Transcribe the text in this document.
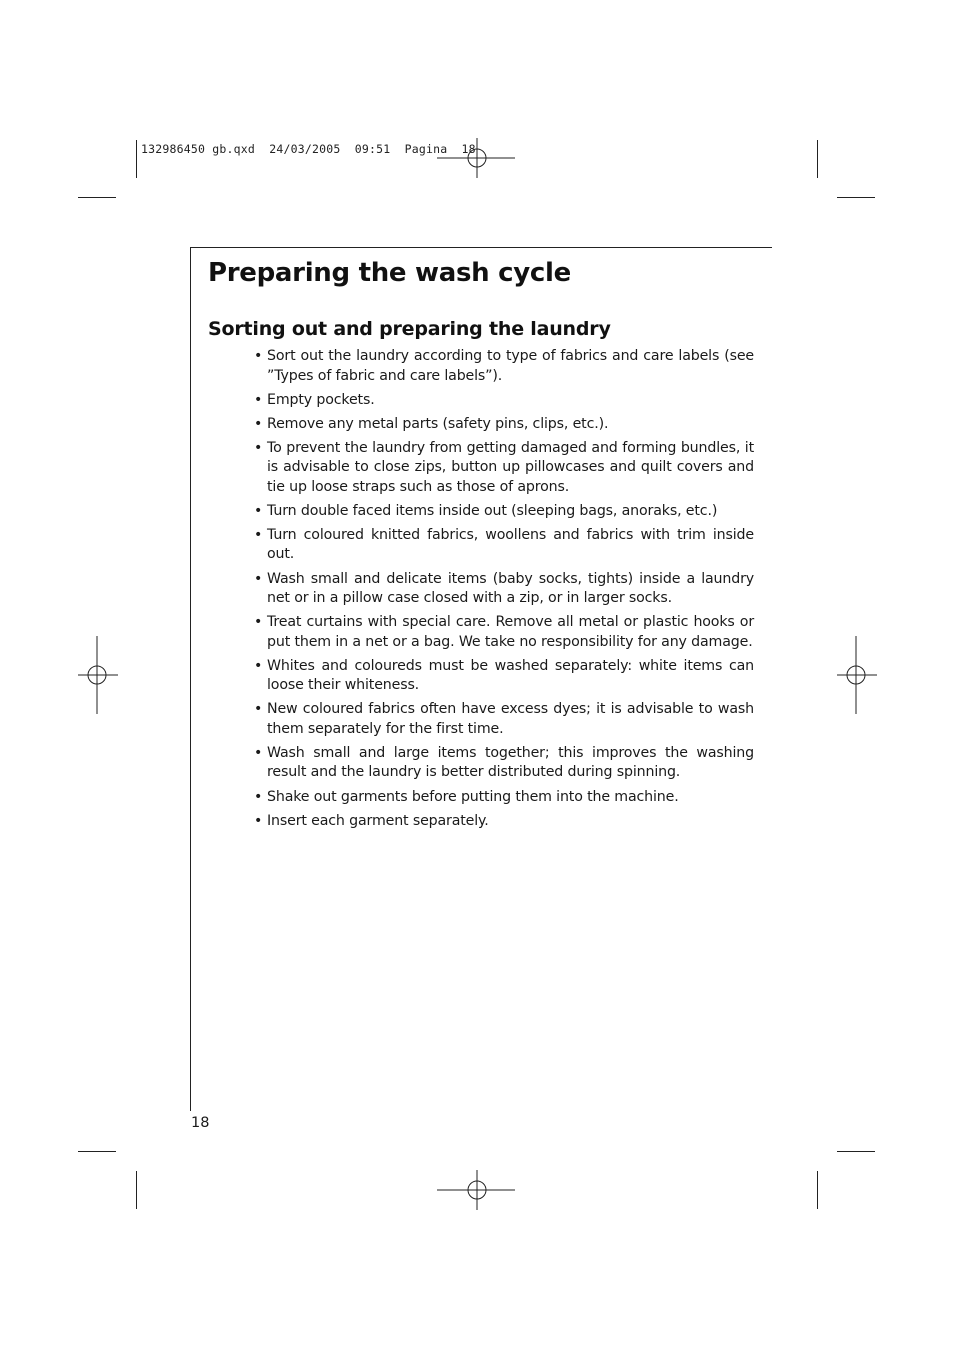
132986450 gb.qxd  24/03/2005  09:51  Pagina  18
Preparing the wash cycle
Sorting out and preparing the laundry
• Sort out the laundry according to type of fabrics and care labels (see ”Types of fabric and care labels”).
• Empty pockets.
• Remove any metal parts (safety pins, clips, etc.).
• To prevent the laundry from getting damaged and forming bundles, it is advisable to close zips, button up pillowcases and quilt covers and tie up loose straps such as those of aprons.
• Turn double faced items inside out (sleeping bags, anoraks, etc.)
• Turn coloured knitted fabrics, woollens and fabrics with trim inside out.
• Wash small and delicate items (baby socks, tights) inside a laundry net or in a pillow case closed with a zip, or in larger socks.
• Treat curtains with special care. Remove all metal or plastic hooks or put them in a net or a bag. We take no responsibility for any damage.
• Whites and coloureds must be washed separately: white items can loose their whiteness.
• New coloured fabrics often have excess dyes; it is advisable to wash them separately for the first time.
• Wash small and large items together; this improves the washing result and the laundry is better distributed during spinning.
• Shake out garments before putting them into the machine.
• Insert each garment separately.
18
